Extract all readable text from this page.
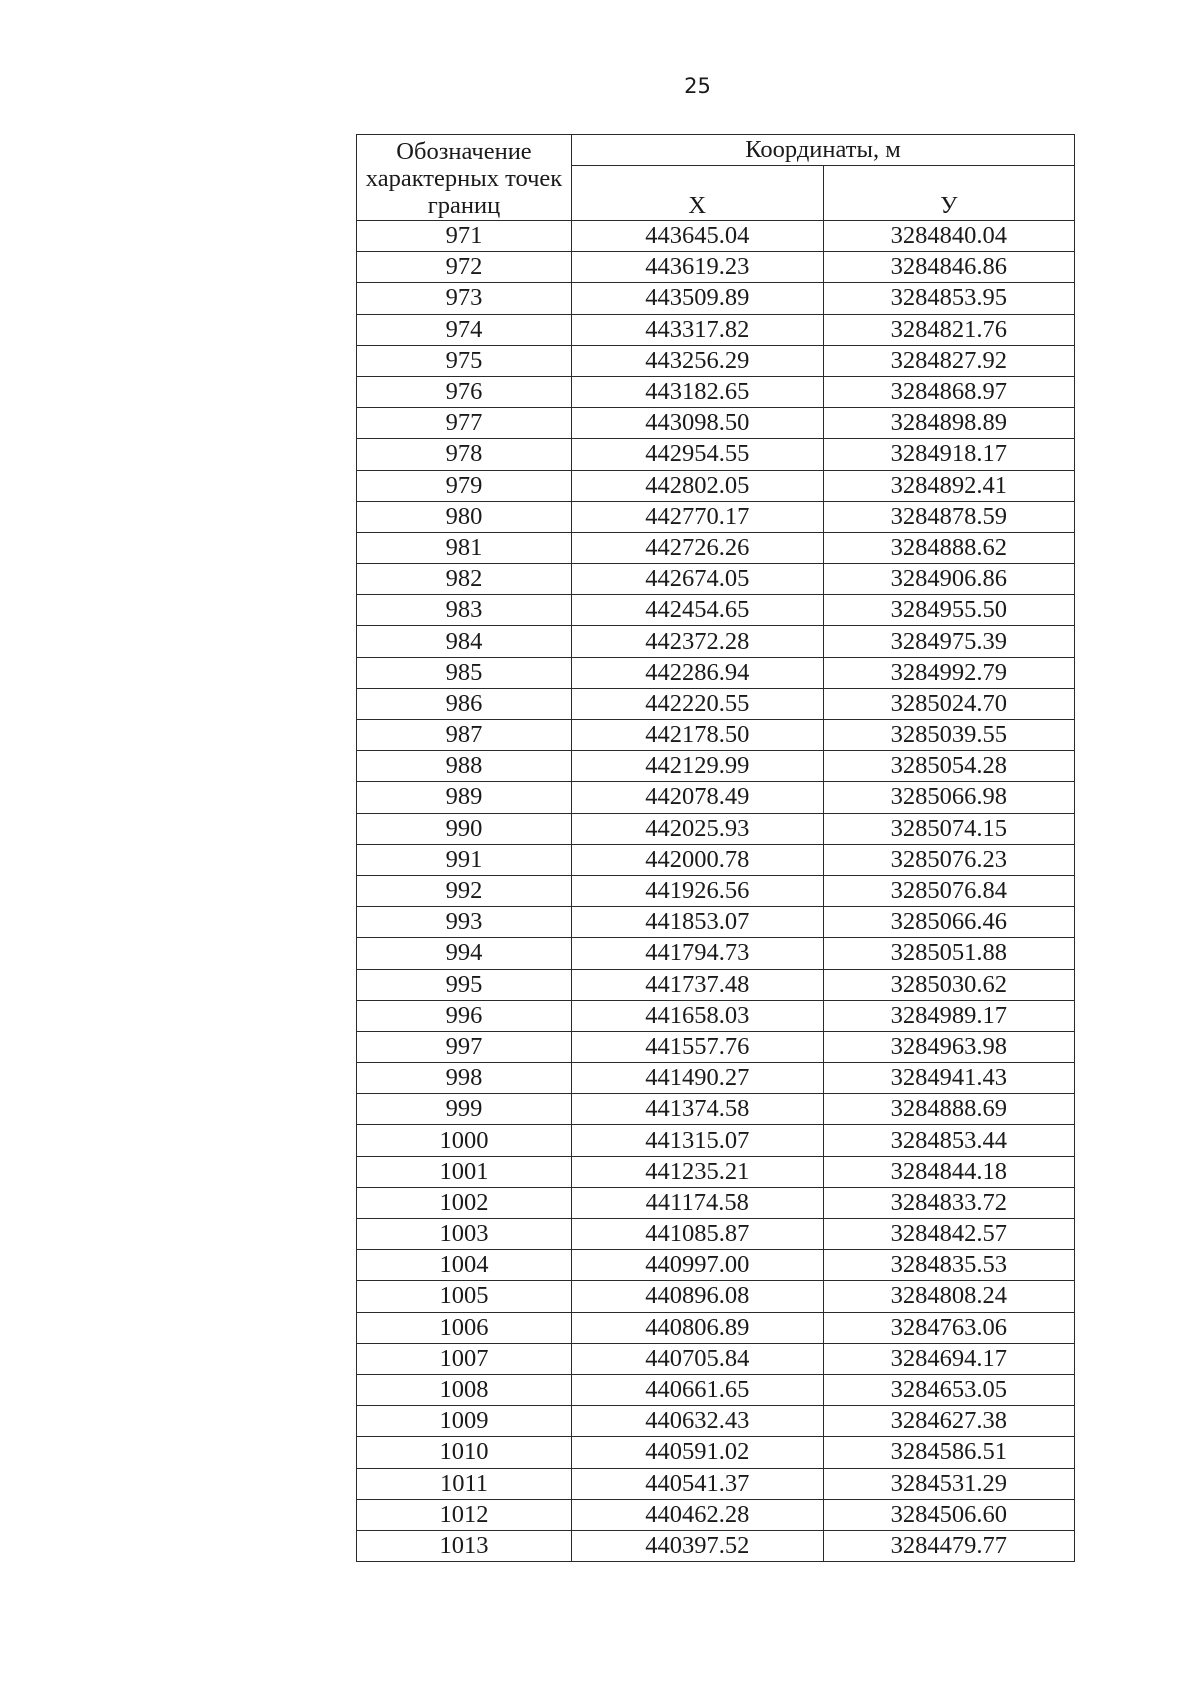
25
Обозначение характерных точек границ	Координаты, м	
	X	У
971	443645.04	3284840.04
972	443619.23	3284846.86
973	443509.89	3284853.95
974	443317.82	3284821.76
975	443256.29	3284827.92
976	443182.65	3284868.97
977	443098.50	3284898.89
978	442954.55	3284918.17
979	442802.05	3284892.41
980	442770.17	3284878.59
981	442726.26	3284888.62
982	442674.05	3284906.86
983	442454.65	3284955.50
984	442372.28	3284975.39
985	442286.94	3284992.79
986	442220.55	3285024.70
987	442178.50	3285039.55
988	442129.99	3285054.28
989	442078.49	3285066.98
990	442025.93	3285074.15
991	442000.78	3285076.23
992	441926.56	3285076.84
993	441853.07	3285066.46
994	441794.73	3285051.88
995	441737.48	3285030.62
996	441658.03	3284989.17
997	441557.76	3284963.98
998	441490.27	3284941.43
999	441374.58	3284888.69
1000	441315.07	3284853.44
1001	441235.21	3284844.18
1002	441174.58	3284833.72
1003	441085.87	3284842.57
1004	440997.00	3284835.53
1005	440896.08	3284808.24
1006	440806.89	3284763.06
1007	440705.84	3284694.17
1008	440661.65	3284653.05
1009	440632.43	3284627.38
1010	440591.02	3284586.51
1011	440541.37	3284531.29
1012	440462.28	3284506.60
1013	440397.52	3284479.77
